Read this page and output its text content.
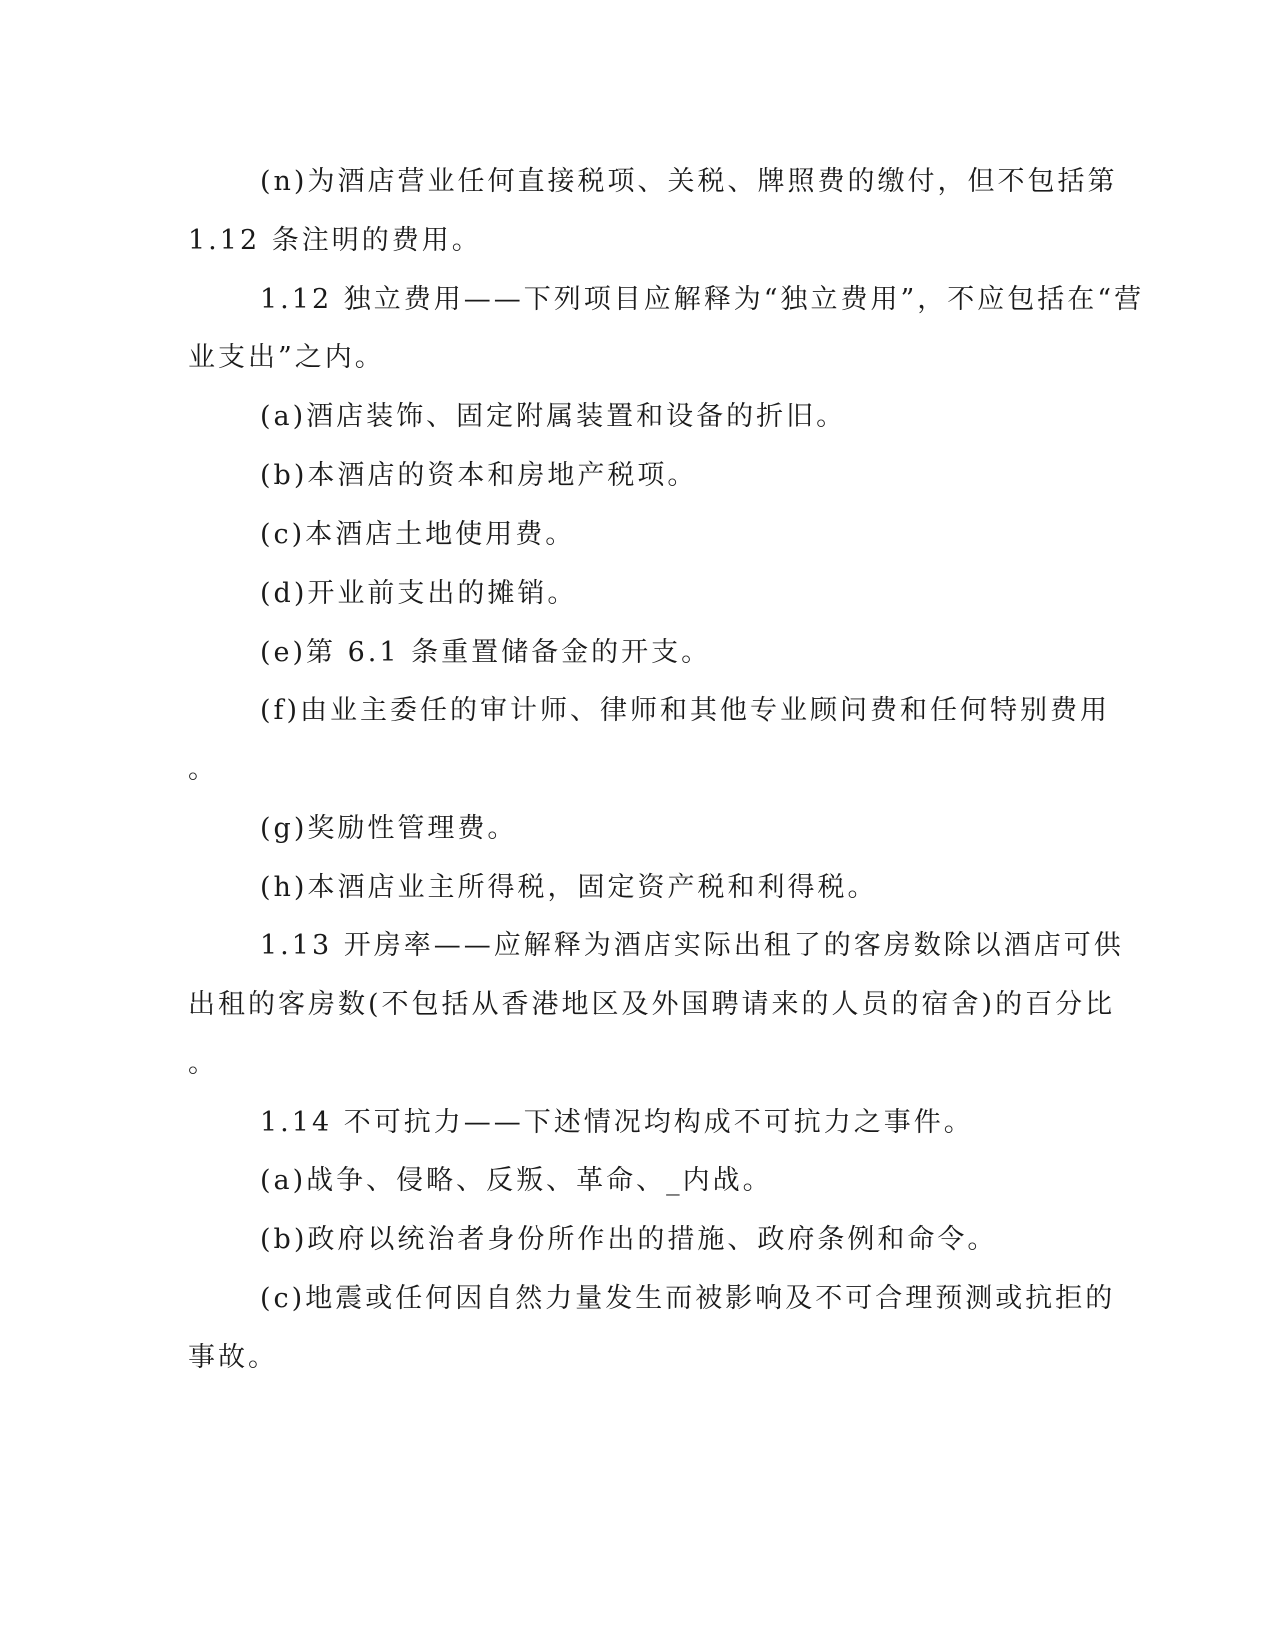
(n)为酒店营业任何直接税项、关税、牌照费的缴付，但不包括第
1.12 条注明的费用。
1.12 独立费用——下列项目应解释为“独立费用”，不应包括在“营
业支出”之内。
(a)酒店装饰、固定附属装置和设备的折旧。
(b)本酒店的资本和房地产税项。
(c)本酒店土地使用费。
(d)开业前支出的摊销。
(e)第 6.1 条重置储备金的开支。
(f)由业主委任的审计师、律师和其他专业顾问费和任何特别费用
。
(g)奖励性管理费。
(h)本酒店业主所得税，固定资产税和利得税。
1.13 开房率——应解释为酒店实际出租了的客房数除以酒店可供
出租的客房数(不包括从香港地区及外国聘请来的人员的宿舍)的百分比
。
1.14 不可抗力——下述情况均构成不可抗力之事件。
(a)战争、侵略、反叛、革命、_内战。
(b)政府以统治者身份所作出的措施、政府条例和命令。
(c)地震或任何因自然力量发生而被影响及不可合理预测或抗拒的
事故。
